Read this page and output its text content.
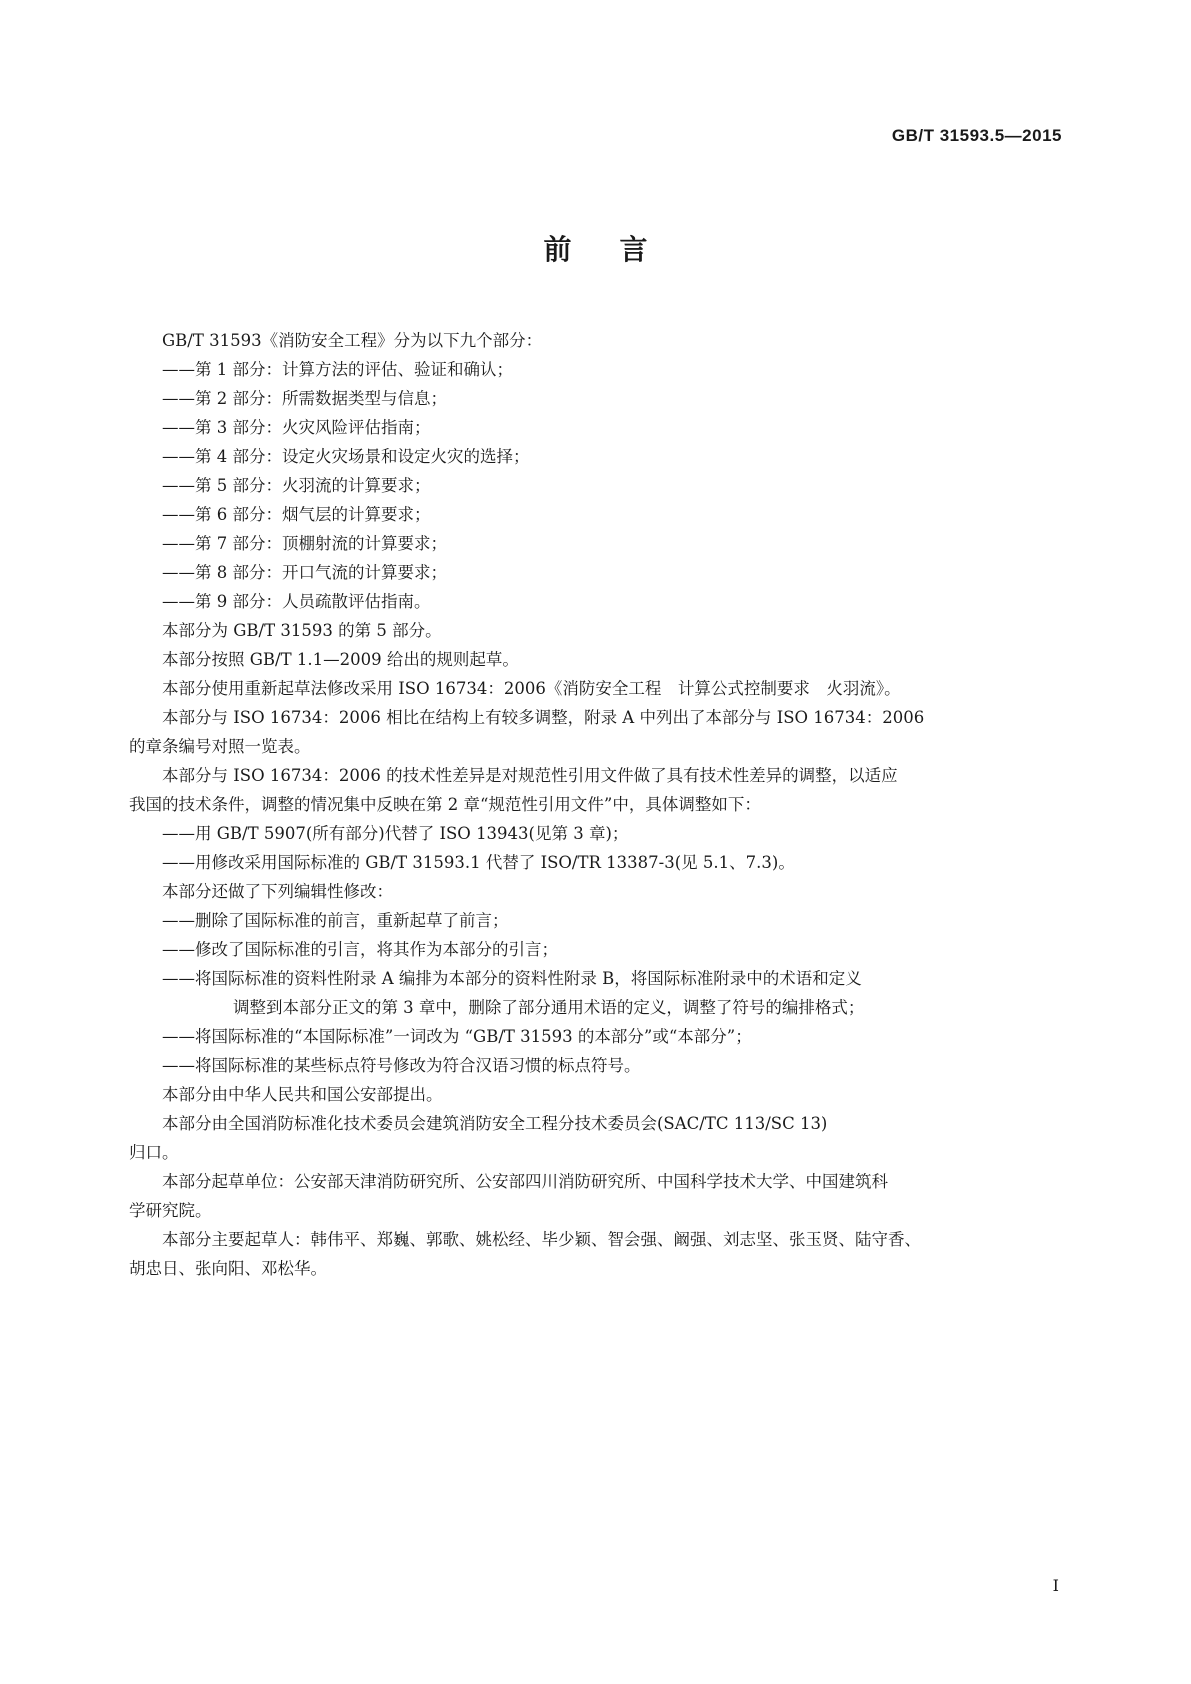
GB/T 31593.5—2015
前言
GB/T 31593《消防安全工程》分为以下九个部分：
——第 1 部分：计算方法的评估、验证和确认；
——第 2 部分：所需数据类型与信息；
——第 3 部分：火灾风险评估指南；
——第 4 部分：设定火灾场景和设定火灾的选择；
——第 5 部分：火羽流的计算要求；
——第 6 部分：烟气层的计算要求；
——第 7 部分：顶棚射流的计算要求；
——第 8 部分：开口气流的计算要求；
——第 9 部分：人员疏散评估指南。
本部分为 GB/T 31593 的第 5 部分。
本部分按照 GB/T 1.1—2009 给出的规则起草。
本部分使用重新起草法修改采用 ISO 16734：2006《消防安全工程　计算公式控制要求　火羽流》。
本部分与 ISO 16734：2006 相比在结构上有较多调整，附录 A 中列出了本部分与 ISO 16734：2006
的章条编号对照一览表。
本部分与 ISO 16734：2006 的技术性差异是对规范性引用文件做了具有技术性差异的调整，以适应
我国的技术条件，调整的情况集中反映在第 2 章“规范性引用文件”中，具体调整如下：
——用 GB/T 5907(所有部分)代替了 ISO 13943(见第 3 章)；
——用修改采用国际标准的 GB/T 31593.1 代替了 ISO/TR 13387-3(见 5.1、7.3)。
本部分还做了下列编辑性修改：
——删除了国际标准的前言，重新起草了前言；
——修改了国际标准的引言，将其作为本部分的引言；
——将国际标准的资料性附录 A 编排为本部分的资料性附录 B，将国际标准附录中的术语和定义
调整到本部分正文的第 3 章中，删除了部分通用术语的定义，调整了符号的编排格式；
——将国际标准的“本国际标准”一词改为 “GB/T 31593 的本部分”或“本部分”；
——将国际标准的某些标点符号修改为符合汉语习惯的标点符号。
本部分由中华人民共和国公安部提出。
本部分由全国消防标准化技术委员会建筑消防安全工程分技术委员会(SAC/TC 113/SC 13)
归口。
本部分起草单位：公安部天津消防研究所、公安部四川消防研究所、中国科学技术大学、中国建筑科
学研究院。
本部分主要起草人：韩伟平、郑巍、郭歌、姚松经、毕少颖、智会强、阚强、刘志坚、张玉贤、陆守香、
胡忠日、张向阳、邓松华。
I
